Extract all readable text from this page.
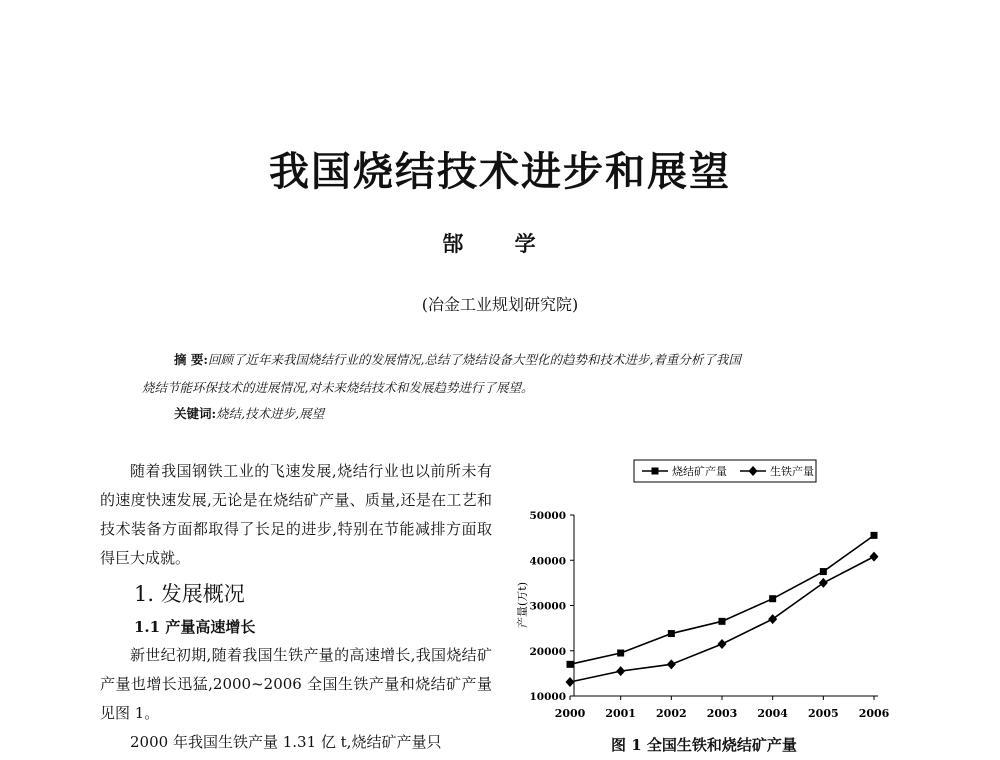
我国烧结技术进步和展望
郜 学
(冶金工业规划研究院)
摘 要:回顾了近年来我国烧结行业的发展情况,总结了烧结设备大型化的趋势和技术进步,着重分析了我国
烧结节能环保技术的进展情况,对未来烧结技术和发展趋势进行了展望。
关键词:烧结,技术进步,展望

随着我国钢铁工业的飞速发展,烧结行业也以前所未有的速度快速发展,无论是在烧结矿产量、质量,还是在工艺和技术装备方面都取得了长足的进步,特别在节能减排方面取得巨大成就。

1. 发展概况
1.1 产量高速增长

新世纪初期,随着我国生铁产量的高速增长,我国烧结矿产量也增长迅猛,2000~2006 全国生铁产量和烧结矿产量见图 1。

2000 年我国生铁产量 1.31 亿 t,烧结矿产量只

烧结矿产量	生铁产量
产量(万t)
10000
20000
30000
40000
50000
2000 2001 2002 2003 2004 2005 2006
图 1 全国生铁和烧结矿产量
